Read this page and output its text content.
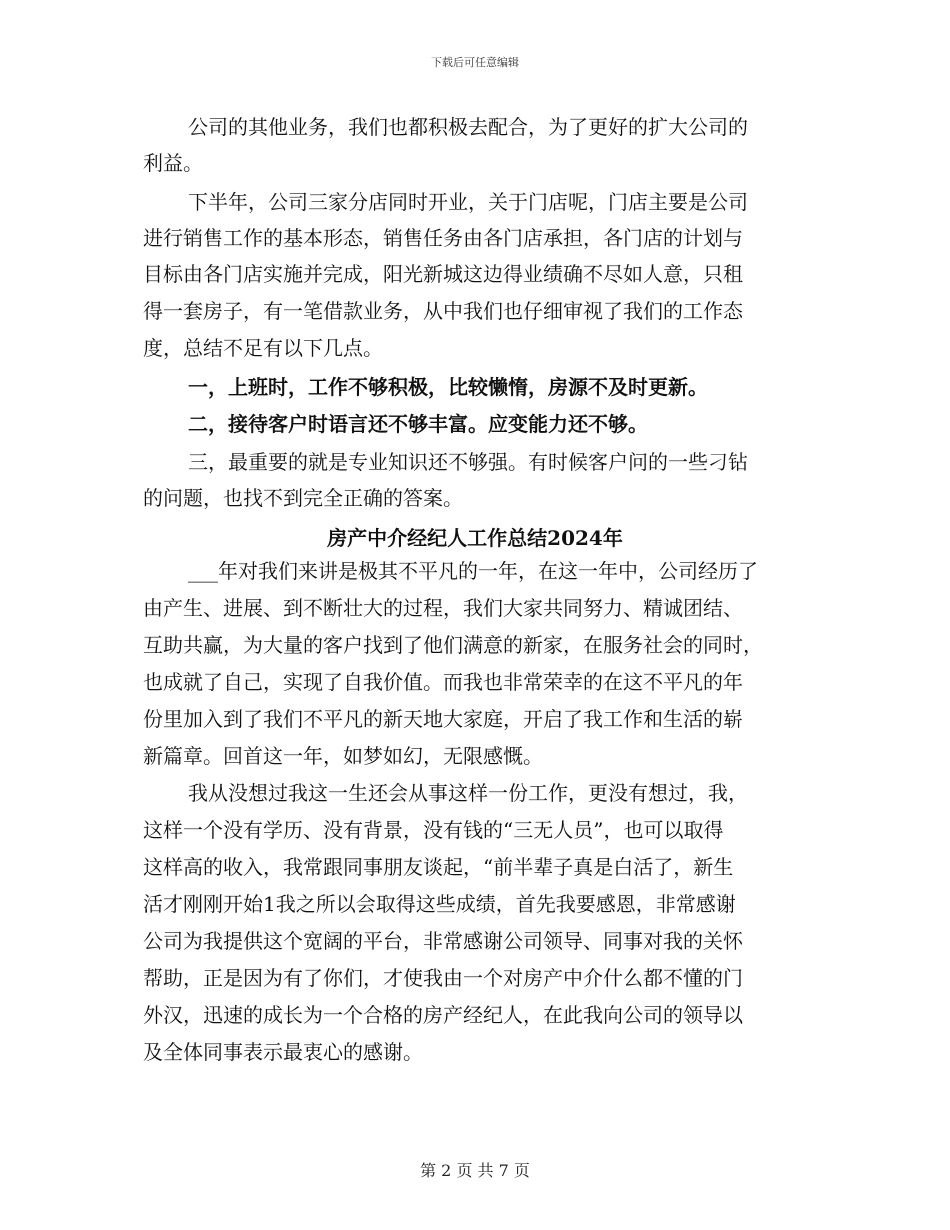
下载后可任意编辑
公司的其他业务，我们也都积极去配合，为了更好的扩大公司的
利益。
下半年，公司三家分店同时开业，关于门店呢，门店主要是公司
进行销售工作的基本形态，销售任务由各门店承担，各门店的计划与
目标由各门店实施并完成，阳光新城这边得业绩确不尽如人意，只租
得一套房子，有一笔借款业务，从中我们也仔细审视了我们的工作态
度，总结不足有以下几点。
一，上班时，工作不够积极，比较懒惰，房源不及时更新。
二，接待客户时语言还不够丰富。应变能力还不够。
三，最重要的就是专业知识还不够强。有时候客户问的一些刁钻
的问题，也找不到完全正确的答案。
房产中介经纪人工作总结2024年
___年对我们来讲是极其不平凡的一年，在这一年中，公司经历了
由产生、进展、到不断壮大的过程，我们大家共同努力、精诚团结、
互助共赢，为大量的客户找到了他们满意的新家，在服务社会的同时，
也成就了自己，实现了自我价值。而我也非常荣幸的在这不平凡的年
份里加入到了我们不平凡的新天地大家庭，开启了我工作和生活的崭
新篇章。回首这一年，如梦如幻，无限感慨。
我从没想过我这一生还会从事这样一份工作，更没有想过，我，
这样一个没有学历、没有背景，没有钱的“三无人员”，也可以取得
这样高的收入，我常跟同事朋友谈起，“前半辈子真是白活了，新生
活才刚刚开始1我之所以会取得这些成绩，首先我要感恩，非常感谢
公司为我提供这个宽阔的平台，非常感谢公司领导、同事对我的关怀
帮助，正是因为有了你们，才使我由一个对房产中介什么都不懂的门
外汉，迅速的成长为一个合格的房产经纪人，在此我向公司的领导以
及全体同事表示最衷心的感谢。
第 2 页 共 7 页
